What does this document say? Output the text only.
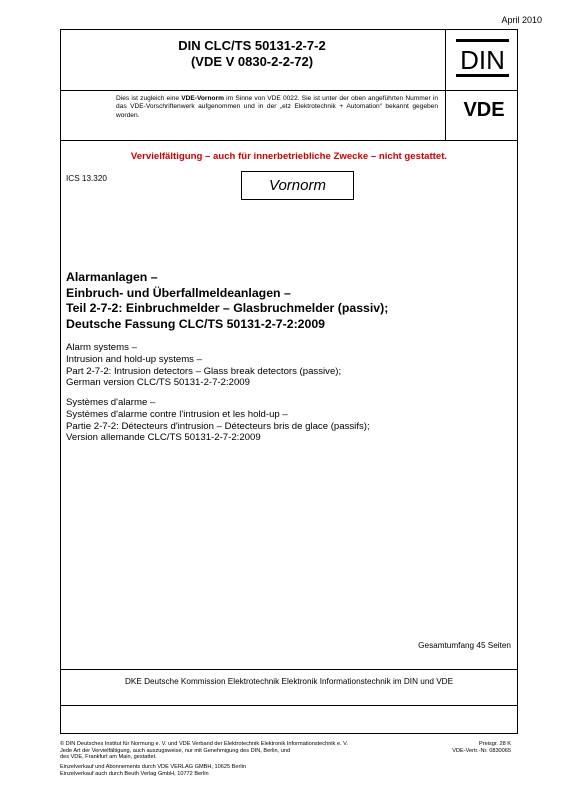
April 2010
DIN CLC/TS 50131-2-7-2
(VDE V 0830-2-2-72)	DIN
Dies ist zugleich eine VDE-Vornorm im Sinne von VDE 0022. Sie ist unter der oben angeführten Nummer in das VDE-Vorschriftenwerk aufgenommen und in der „etz Elektrotechnik + Automation“ bekannt gegeben worden.	VDE
Vervielfältigung – auch für innerbetriebliche Zwecke – nicht gestattet.
ICS 13.320	Vornorm
Alarmanlagen –
Einbruch- und Überfallmeldeanlagen –
Teil 2-7-2: Einbruchmelder – Glasbruchmelder (passiv);
Deutsche Fassung CLC/TS 50131-2-7-2:2009
Alarm systems –
Intrusion and hold-up systems –
Part 2-7-2: Intrusion detectors – Glass break detectors (passive);
German version CLC/TS 50131-2-7-2:2009
Systèmes d'alarme –
Systèmes d'alarme contre l'intrusion et les hold-up –
Partie 2-7-2: Détecteurs d'intrusion – Détecteurs bris de glace (passifs);
Version allemande CLC/TS 50131-2-7-2:2009
Gesamtumfang 45 Seiten
DKE Deutsche Kommission Elektrotechnik Elektronik Informationstechnik im DIN und VDE
© DIN Deutsches Institut für Normung e. V. und VDE Verband der Elektrotechnik Elektronik Informationstechnik e. V.
Jede Art der Vervielfältigung, auch auszugsweise, nur mit Genehmigung des DIN, Berlin, und
des VDE, Frankfurt am Main, gestattet.
Preisgr. 28 K
VDE-Vertr.-Nr. 0830065
Einzelverkauf und Abonnements durch VDE VERLAG GMBH, 10625 Berlin
Einzelverkauf auch durch Beuth Verlag GmbH, 10772 Berlin
